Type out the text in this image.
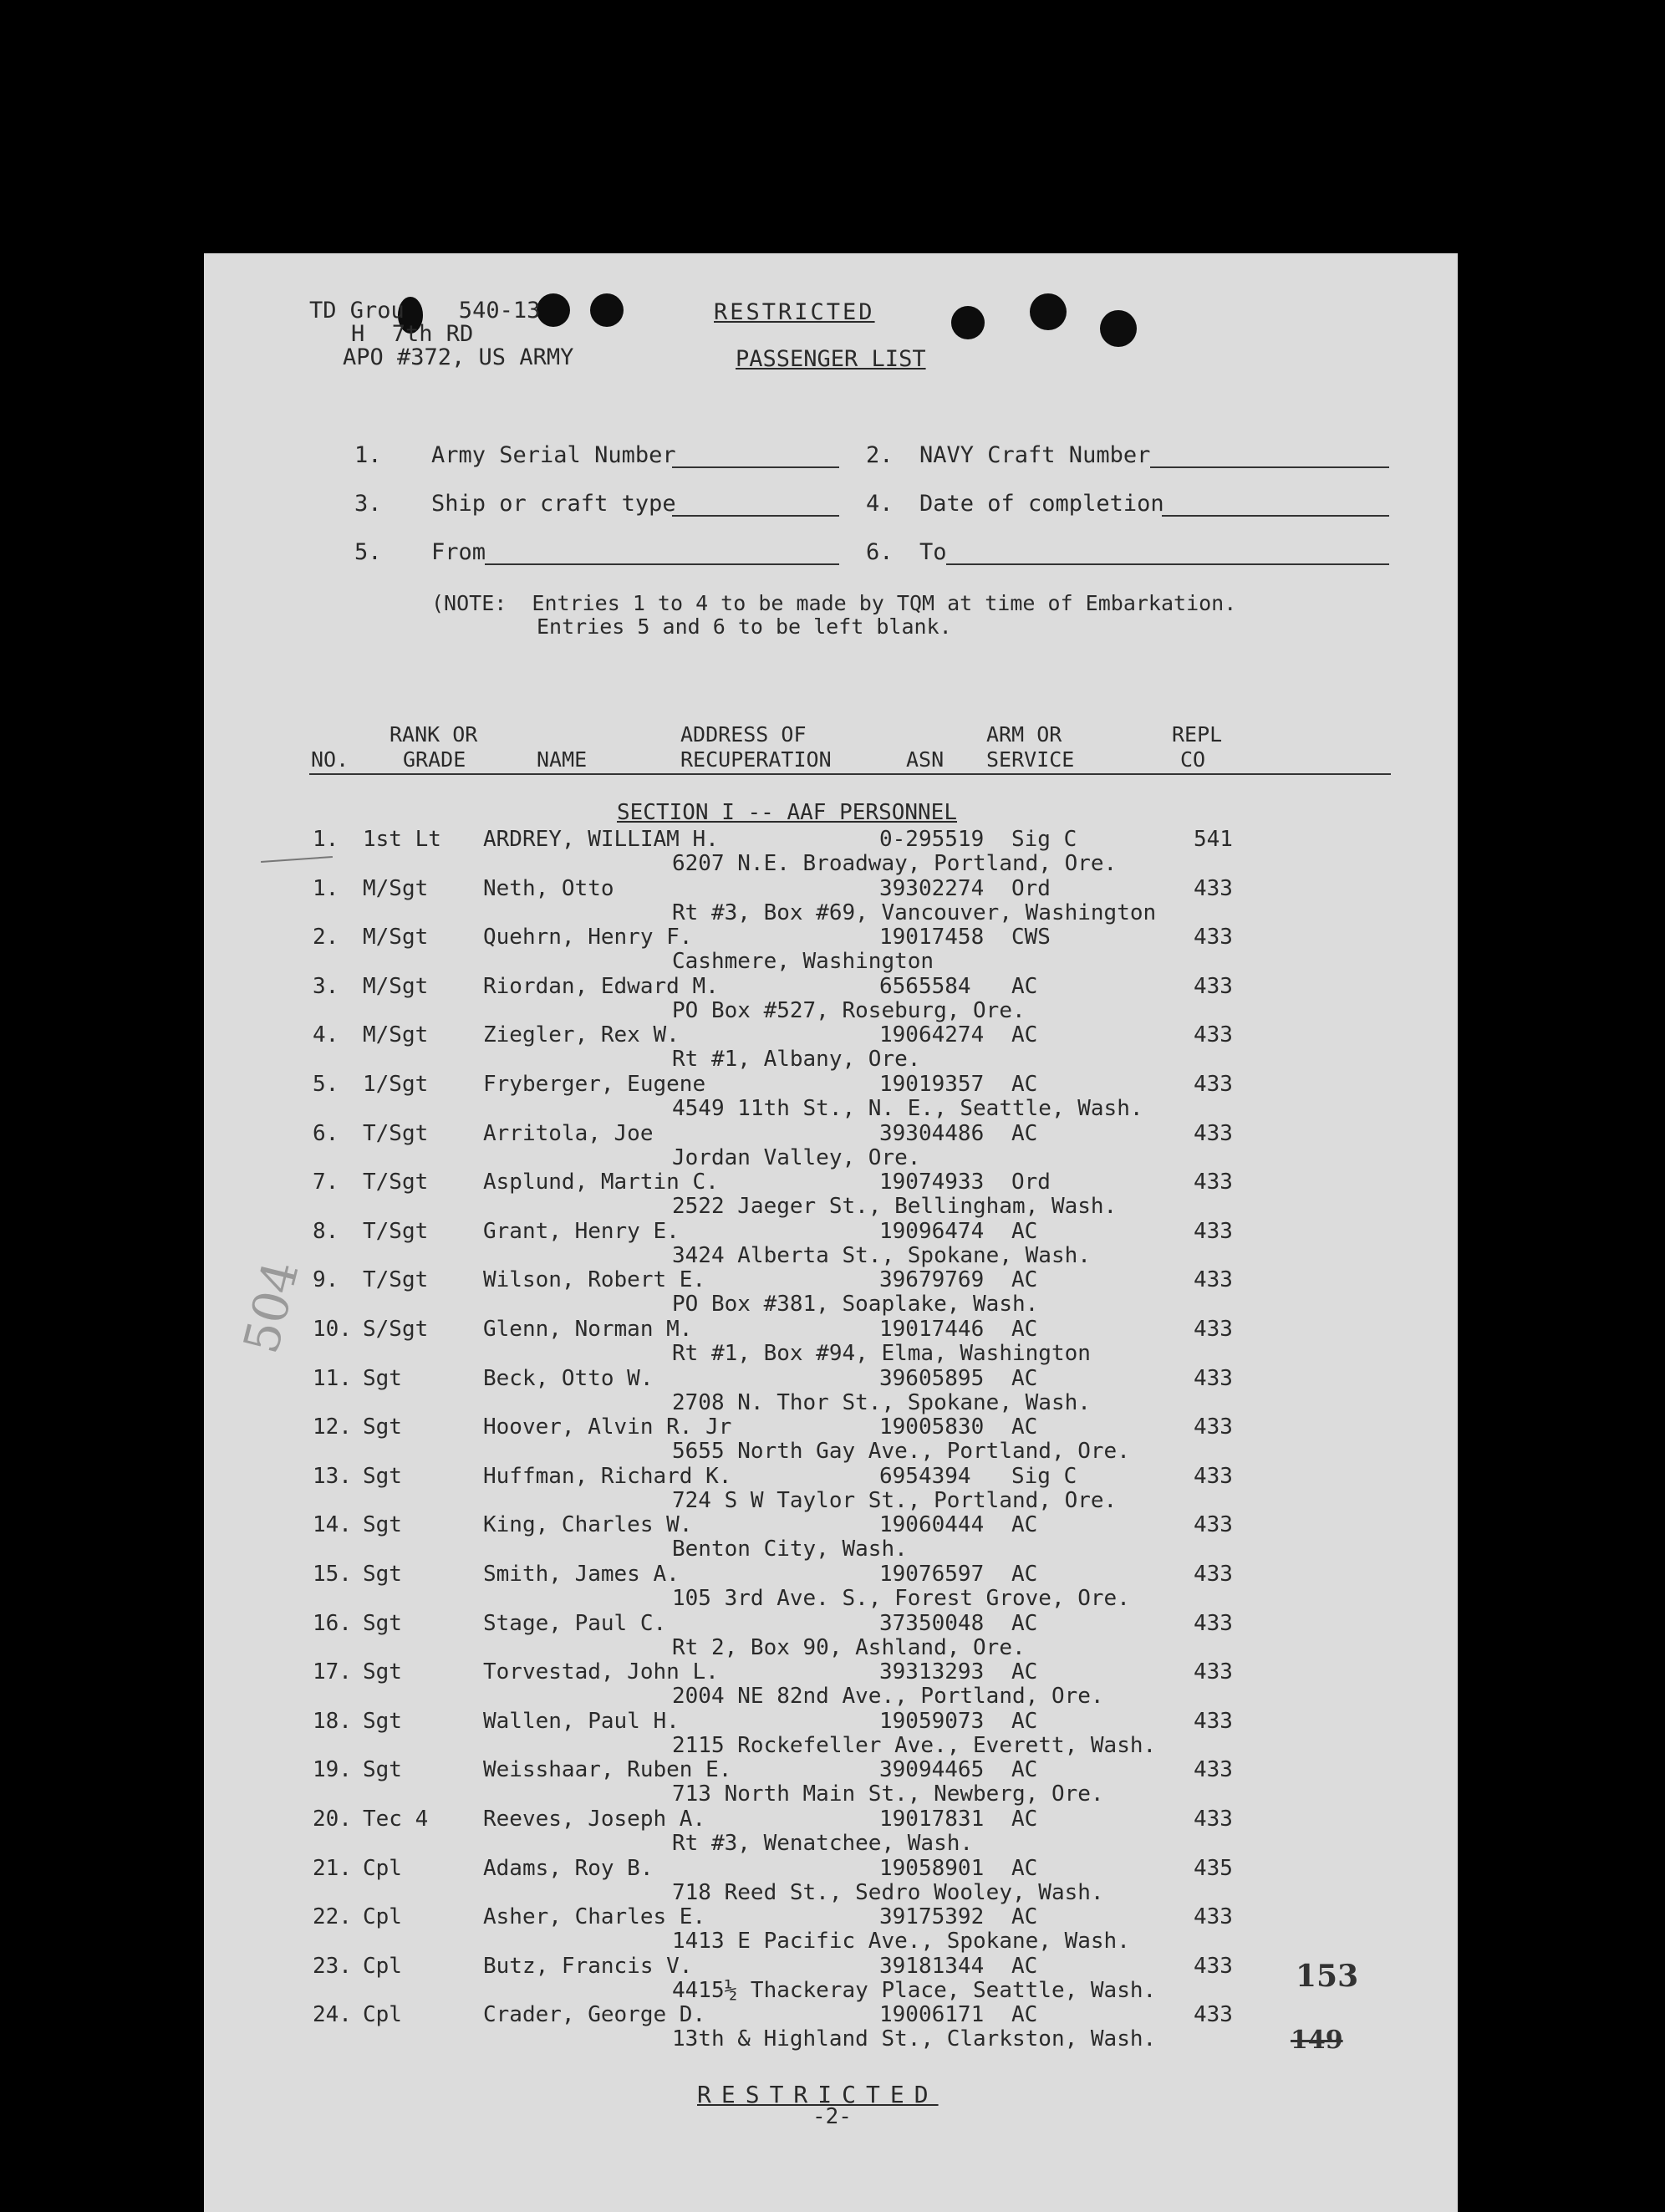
TD Grou    540-13
H  7th RD
APO #372, US ARMY
RESTRICTED
PASSENGER LIST
1. Army Serial Number	2. NAVY Craft Number
3. Ship or craft type	4. Date of completion
5. From	6. To
(NOTE:  Entries 1 to 4 to be made by TQM at time of Embarkation.
Entries 5 and 6 to be left blank.
RANK OR	ADDRESS OF	ARM OR	REPL
NO.	GRADE	NAME	RECUPERATION	ASN SERVICE	CO
SECTION I -- AAF PERSONNEL
1. 1st Lt ARDREY, WILLIAM H.	0-295519 Sig C	541
6207 N.E. Broadway, Portland, Ore.
1. M/Sgt	Neth, Otto	39302274 Ord	433
Rt #3, Box #69, Vancouver, Washington
2. M/Sgt	Quehrn, Henry F.	19017458 CWS	433
Cashmere, Washington
3. M/Sgt	Riordan, Edward M.	6565584 AC	433
PO Box #527, Roseburg, Ore.
4. M/Sgt	Ziegler, Rex W.	19064274 AC	433
Rt #1, Albany, Ore.
5. 1/Sgt	Fryberger, Eugene	19019357 AC	433
4549 11th St., N. E., Seattle, Wash.
6. T/Sgt	Arritola, Joe	39304486 AC	433
Jordan Valley, Ore.
7. T/Sgt	Asplund, Martin C.	19074933 Ord	433
2522 Jaeger St., Bellingham, Wash.
8. T/Sgt	Grant, Henry E.	19096474 AC	433
3424 Alberta St., Spokane, Wash.
9. T/Sgt	Wilson, Robert E.	39679769 AC	433
PO Box #381, Soaplake, Wash.
10. S/Sgt	Glenn, Norman M.	19017446 AC	433
Rt #1, Box #94, Elma, Washington
11. Sgt	Beck, Otto W.	39605895 AC	433
2708 N. Thor St., Spokane, Wash.
12. Sgt	Hoover, Alvin R. Jr	19005830 AC	433
5655 North Gay Ave., Portland, Ore.
13. Sgt	Huffman, Richard K.	6954394 Sig C	433
724 S W Taylor St., Portland, Ore.
14. Sgt	King, Charles W.	19060444 AC	433
Benton City, Wash.
15. Sgt	Smith, James A.	19076597 AC	433
105 3rd Ave. S., Forest Grove, Ore.
16. Sgt	Stage, Paul C.	37350048 AC	433
Rt 2, Box 90, Ashland, Ore.
17. Sgt	Torvestad, John L.	39313293 AC	433
2004 NE 82nd Ave., Portland, Ore.
18. Sgt	Wallen, Paul H.	19059073 AC	433
2115 Rockefeller Ave., Everett, Wash.
19. Sgt	Weisshaar, Ruben E.	39094465 AC	433
713 North Main St., Newberg, Ore.
20. Tec 4	Reeves, Joseph A.	19017831 AC	433
Rt #3, Wenatchee, Wash.
21. Cpl	Adams, Roy B.	19058901 AC	435
718 Reed St., Sedro Wooley, Wash.
22. Cpl	Asher, Charles E.	39175392 AC	433
1413 E Pacific Ave., Spokane, Wash.
23. Cpl	Butz, Francis V.	39181344 AC	433
4415½ Thackeray Place, Seattle, Wash.
24. Cpl	Crader, George D.	19006171 AC	433
13th & Highland St., Clarkston, Wash.
504
153
149
RESTRICTED
-2-
